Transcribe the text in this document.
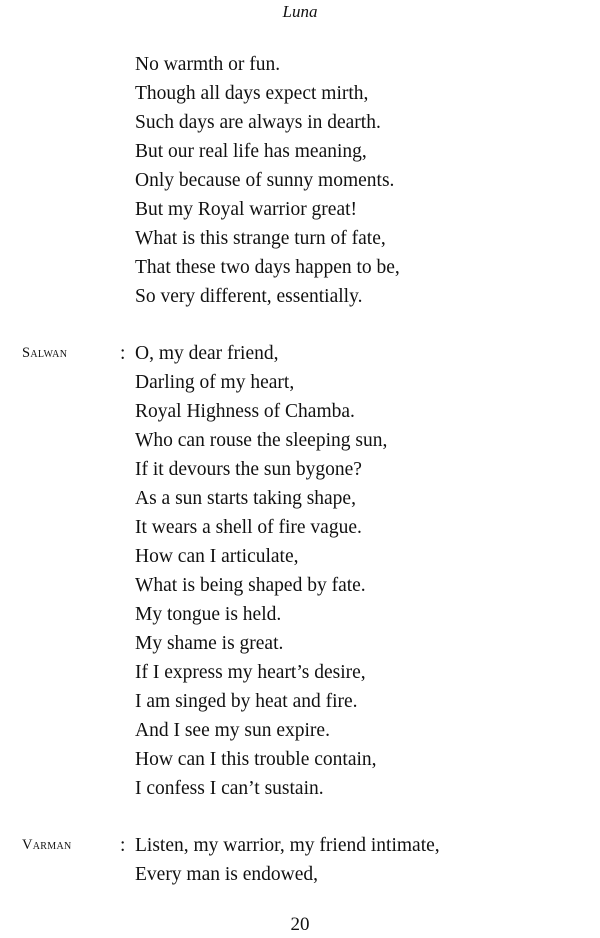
Luna
No warmth or fun.
Though all days expect mirth,
Such days are always in dearth.
But our real life has meaning,
Only because of sunny moments.
But my Royal warrior great!
What is this strange turn of fate,
That these two days happen to be,
So very different, essentially.
Salwan	: O, my dear friend,
Darling of my heart,
Royal Highness of Chamba.
Who can rouse the sleeping sun,
If it devours the sun bygone?
As a sun starts taking shape,
It wears a shell of fire vague.
How can I articulate,
What is being shaped by fate.
My tongue is held.
My shame is great.
If I express my heart’s desire,
I am singed by heat and fire.
And I see my sun expire.
How can I this trouble contain,
I confess I can’t sustain.
Varman : Listen, my warrior, my friend intimate,
Every man is endowed,
20
